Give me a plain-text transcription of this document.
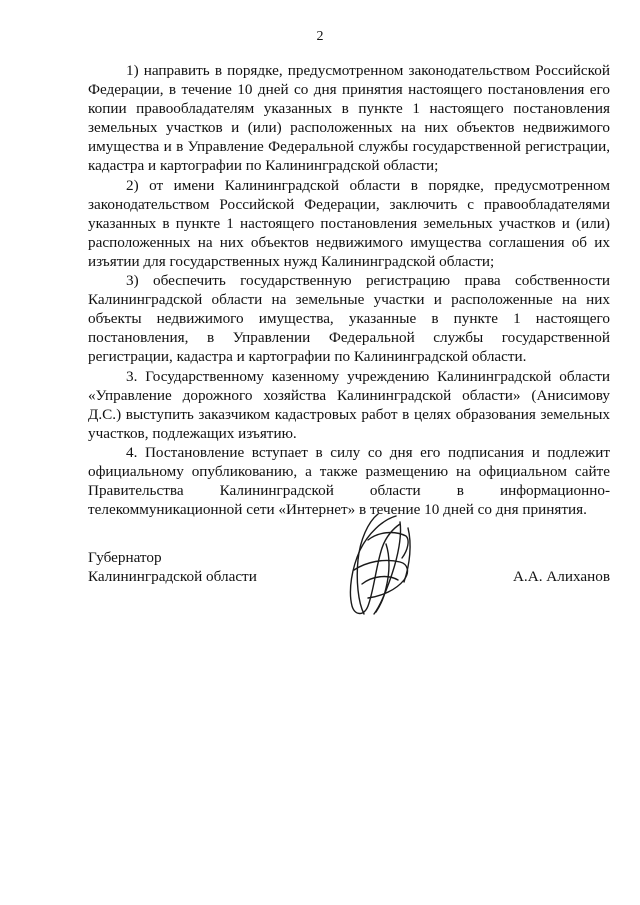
2

1) направить в порядке, предусмотренном законодательством Российской Федерации, в течение 10 дней со дня принятия настоящего постановления его копии правообладателям указанных в пункте 1 настоящего постановления земельных участков и (или) расположенных на них объектов недвижимого имущества и в Управление Федеральной службы государственной регистрации, кадастра и картографии по Калининградской области;

2) от имени Калининградской области в порядке, предусмотренном законодательством Российской Федерации, заключить с правообладателями указанных в пункте 1 настоящего постановления земельных участков и (или) расположенных на них объектов недвижимого имущества соглашения об их изъятии для государственных нужд Калининградской области;

3) обеспечить государственную регистрацию права собственности Калининградской области на земельные участки и расположенные на них объекты недвижимого имущества, указанные в пункте 1 настоящего постановления, в Управлении Федеральной службы государственной регистрации, кадастра и картографии по Калининградской области.

3. Государственному казенному учреждению Калининградской области «Управление дорожного хозяйства Калининградской области» (Анисимову Д.С.) выступить заказчиком кадастровых работ в целях образования земельных участков, подлежащих изъятию.

4. Постановление вступает в силу со дня его подписания и подлежит официальному опубликованию, а также размещению на официальном сайте Правительства Калининградской области в информационно-телекоммуникационной сети «Интернет» в течение 10 дней со дня принятия.

Губернатор
Калининградской области	А.А. Алиханов
